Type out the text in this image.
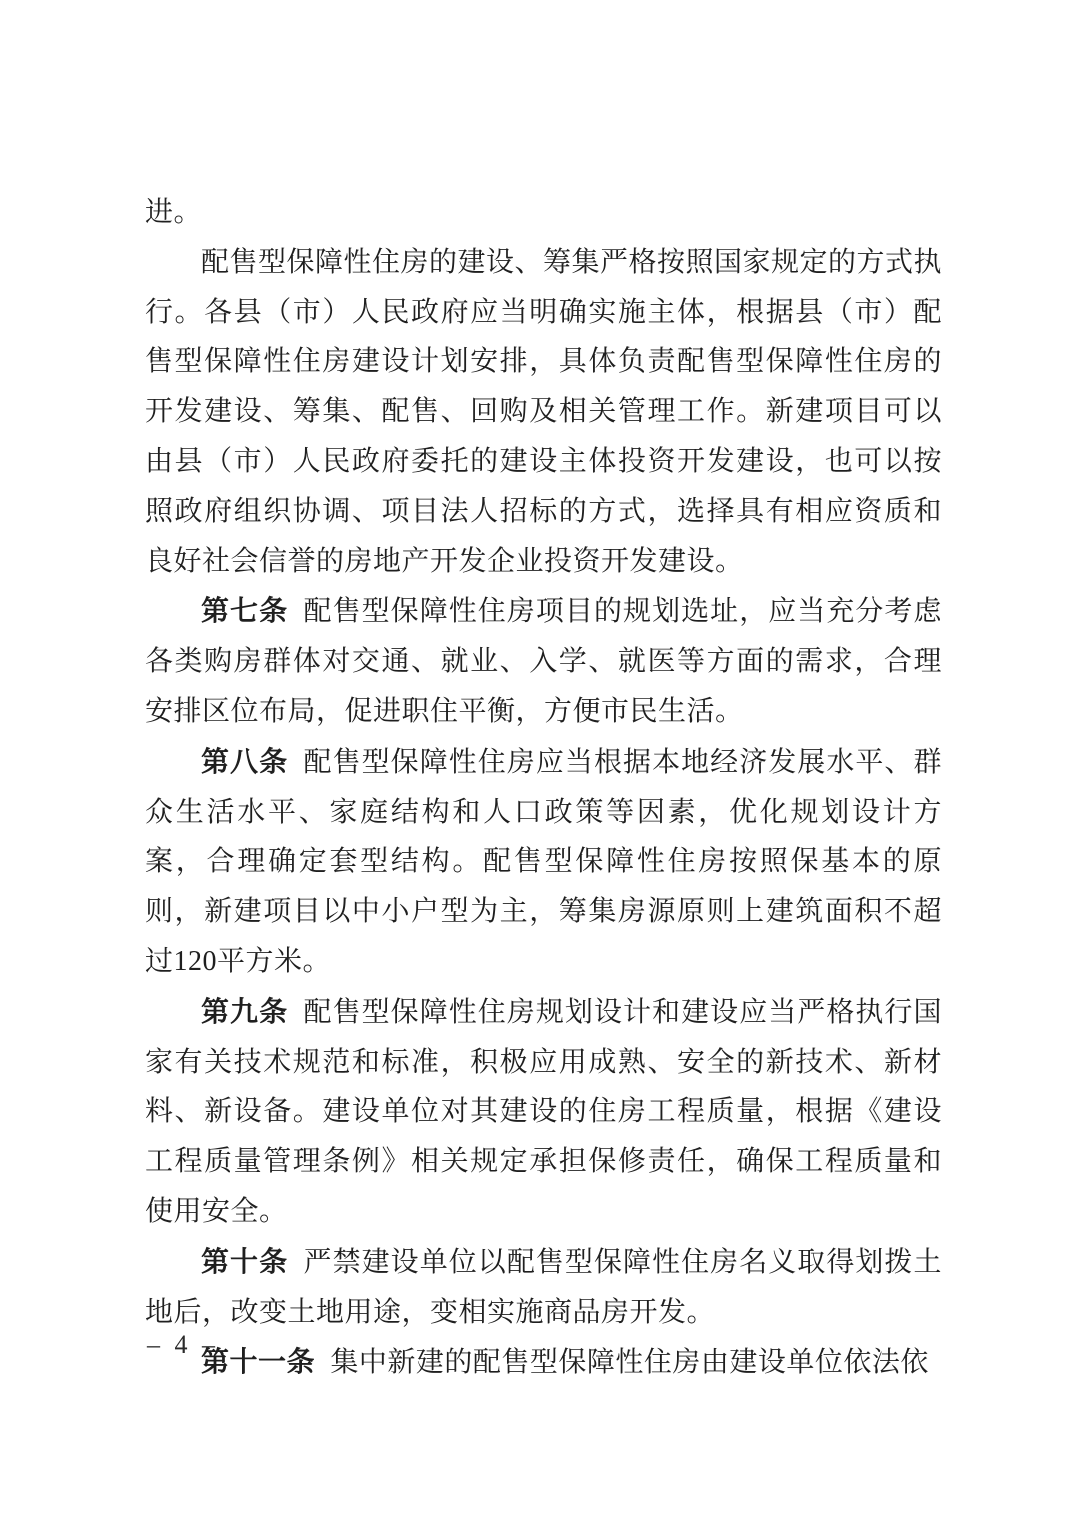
进。

配售型保障性住房的建设、筹集严格按照国家规定的方式执行。各县（市）人民政府应当明确实施主体，根据县（市）配售型保障性住房建设计划安排，具体负责配售型保障性住房的开发建设、筹集、配售、回购及相关管理工作。新建项目可以由县（市）人民政府委托的建设主体投资开发建设，也可以按照政府组织协调、项目法人招标的方式，选择具有相应资质和良好社会信誉的房地产开发企业投资开发建设。

第七条 配售型保障性住房项目的规划选址，应当充分考虑各类购房群体对交通、就业、入学、就医等方面的需求，合理安排区位布局，促进职住平衡，方便市民生活。

第八条 配售型保障性住房应当根据本地经济发展水平、群众生活水平、家庭结构和人口政策等因素，优化规划设计方案，合理确定套型结构。配售型保障性住房按照保基本的原则，新建项目以中小户型为主，筹集房源原则上建筑面积不超过120平方米。

第九条 配售型保障性住房规划设计和建设应当严格执行国家有关技术规范和标准，积极应用成熟、安全的新技术、新材料、新设备。建设单位对其建设的住房工程质量，根据《建设工程质量管理条例》相关规定承担保修责任，确保工程质量和使用安全。

第十条 严禁建设单位以配售型保障性住房名义取得划拨土地后，改变土地用途，变相实施商品房开发。

第十一条 集中新建的配售型保障性住房由建设单位依法依

– 4 –
